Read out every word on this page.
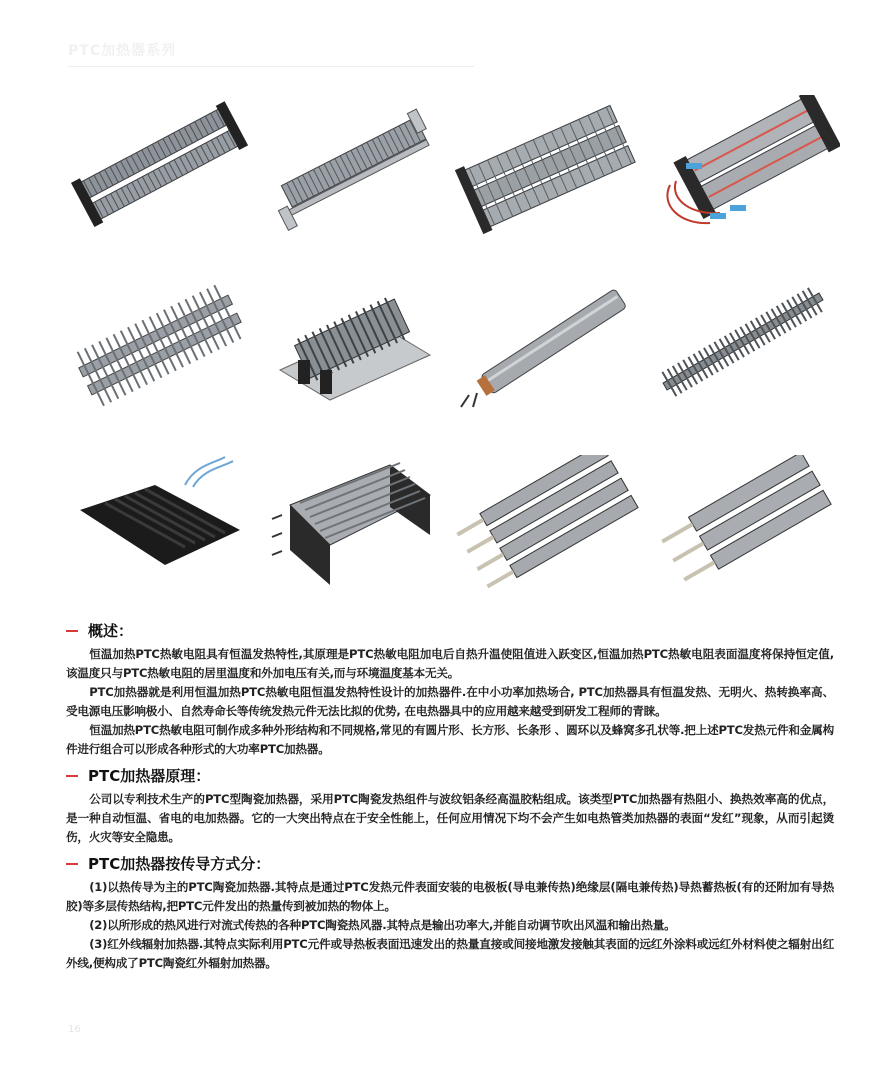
PTC加热器系列
概述：

恒温加热PTC热敏电阻具有恒温发热特性,其原理是PTC热敏电阻加电后自热升温使阻值进入跃变区,恒温加热PTC热敏电阻表面温度将保持恒定值,该温度只与PTC热敏电阻的居里温度和外加电压有关,而与环境温度基本无关。

PTC加热器就是利用恒温加热PTC热敏电阻恒温发热特性设计的加热器件.在中小功率加热场合, PTC加热器具有恒温发热、无明火、热转换率高、受电源电压影响极小、自然寿命长等传统发热元件无法比拟的优势, 在电热器具中的应用越来越受到研发工程师的青睐。

恒温加热PTC热敏电阻可制作成多种外形结构和不同规格,常见的有圆片形、长方形、长条形 、圆环以及蜂窝多孔状等.把上述PTC发热元件和金属构件进行组合可以形成各种形式的大功率PTC加热器。

PTC加热器原理：

公司以专利技术生产的PTC型陶瓷加热器，采用PTC陶瓷发热组件与波纹铝条经高温胶粘组成。该类型PTC加热器有热阻小、换热效率高的优点，是一种自动恒温、省电的电加热器。它的一大突出特点在于安全性能上，任何应用情况下均不会产生如电热管类加热器的表面“发红”现象，从而引起烫伤，火灾等安全隐患。

PTC加热器按传导方式分：

(1)以热传导为主的PTC陶瓷加热器.其特点是通过PTC发热元件表面安装的电极板(导电兼传热)绝缘层(隔电兼传热)导热蓄热板(有的还附加有导热胶)等多层传热结构,把PTC元件发出的热量传到被加热的物体上。

(2)以所形成的热风进行对流式传热的各种PTC陶瓷热风器.其特点是输出功率大,并能自动调节吹出风温和输出热量。

(3)红外线辐射加热器.其特点实际利用PTC元件或导热板表面迅速发出的热量直接或间接地激发接触其表面的远红外涂料或远红外材料使之辐射出红外线,便构成了PTC陶瓷红外辐射加热器。

16
